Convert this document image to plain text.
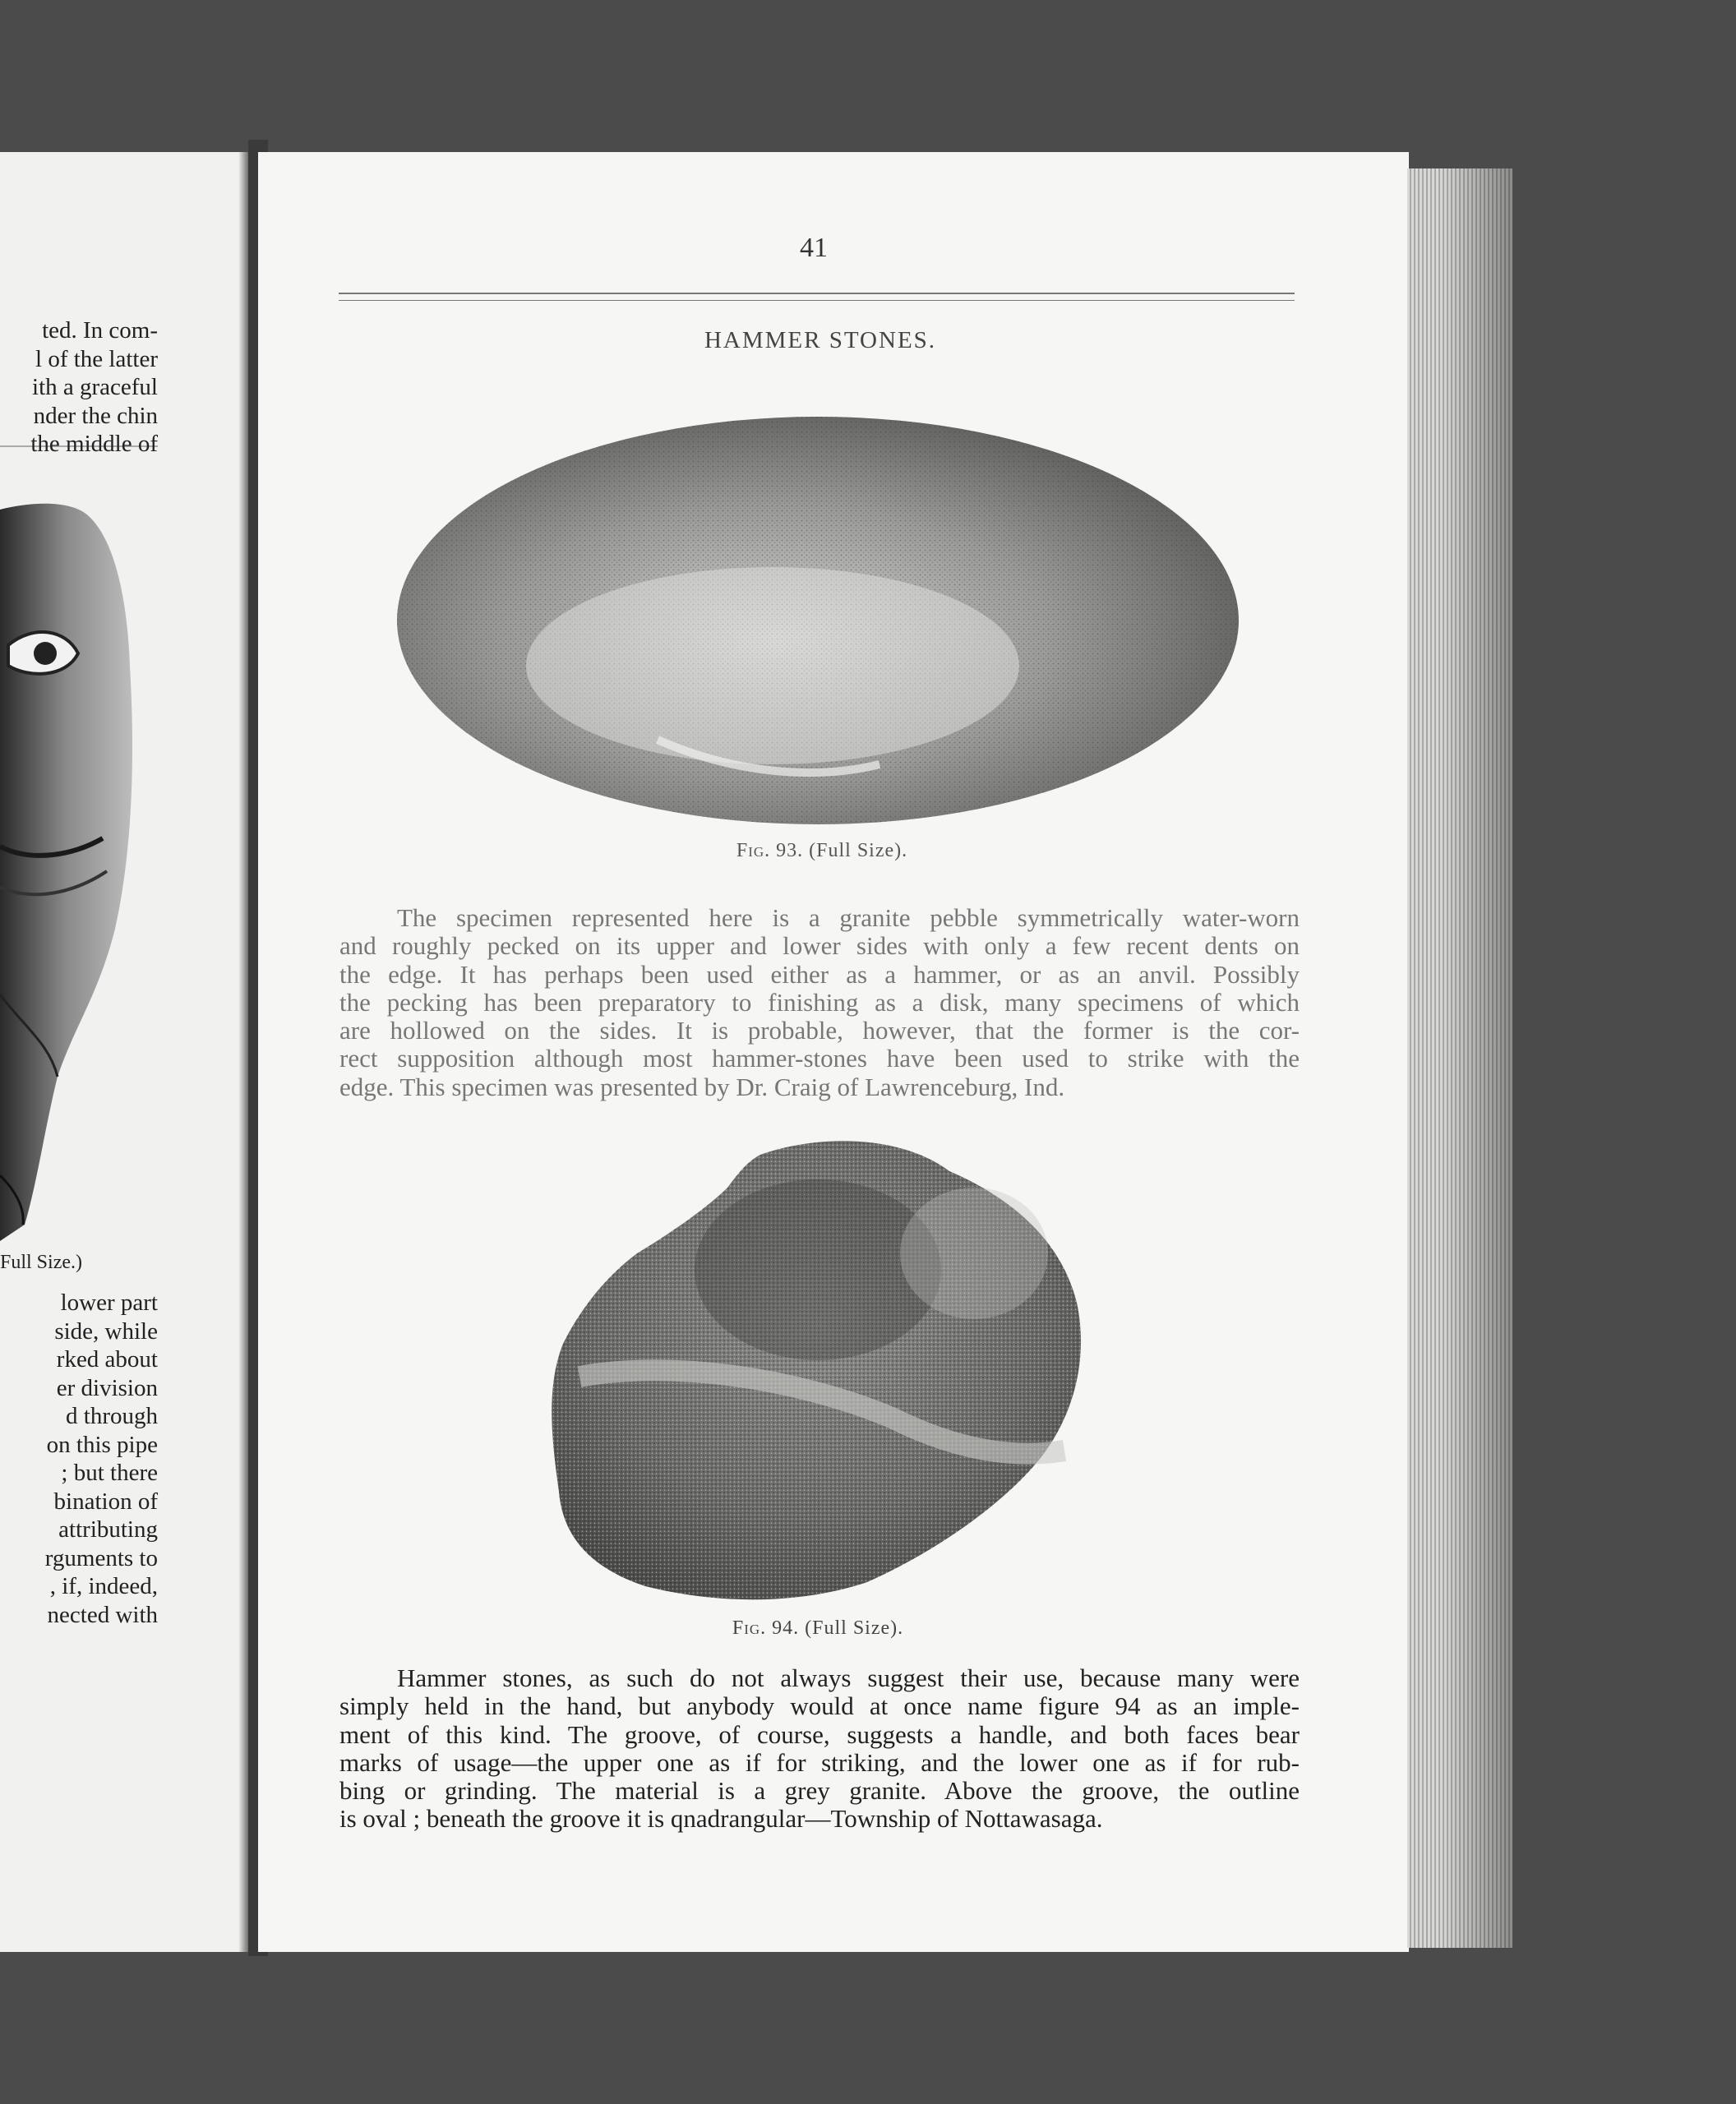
ted. In com-
l of the latter
ith a graceful
nder the chin
the middle of
Full Size.)
lower part
side, while
rked about
er division
d through
on this pipe
; but there
bination of
attributing
rguments to
, if, indeed,
nected with
41
HAMMER STONES.
Fig. 93. (Full Size).
The specimen represented here is a granite pebble symmetrically water-worn
and roughly pecked on its upper and lower sides with only a few recent dents on
the edge. It has perhaps been used either as a hammer, or as an anvil. Possibly
the pecking has been preparatory to finishing as a disk, many specimens of which
are hollowed on the sides. It is probable, however, that the former is the cor-
rect supposition although most hammer-stones have been used to strike with the
edge. This specimen was presented by Dr. Craig of Lawrenceburg, Ind.
Fig. 94. (Full Size).
Hammer stones, as such do not always suggest their use, because many were
simply held in the hand, but anybody would at once name figure 94 as an imple-
ment of this kind. The groove, of course, suggests a handle, and both faces bear
marks of usage—the upper one as if for striking, and the lower one as if for rub-
bing or grinding. The material is a grey granite. Above the groove, the outline
is oval ; beneath the groove it is qnadrangular—Township of Nottawasaga.
